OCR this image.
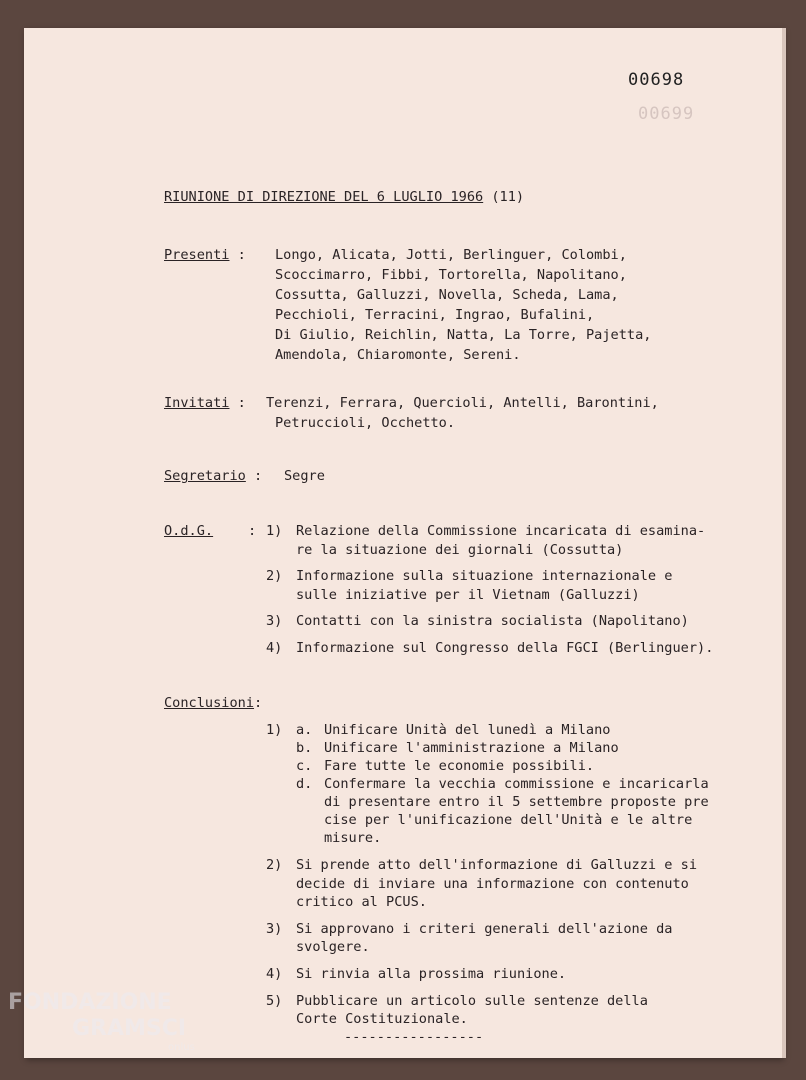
00699
00698
RIUNIONE DI DIREZIONE DEL 6 LUGLIO 1966 (11)
Presenti : Longo, Alicata, Jotti, Berlinguer, Colombi,
Scoccimarro, Fibbi, Tortorella, Napolitano,
Cossutta, Galluzzi, Novella, Scheda, Lama,
Pecchioli, Terracini, Ingrao, Bufalini,
Di Giulio, Reichlin, Natta, La Torre, Pajetta,
Amendola, Chiaromonte, Sereni.
Invitati : Terenzi, Ferrara, Quercioli, Antelli, Barontini,
Petruccioli, Occhetto.
Segretario : Segre
O.d.G.	: 1) Relazione della Commissione incaricata di esamina-
re la situazione dei giornali (Cossutta)
2) Informazione sulla situazione internazionale e
sulle iniziative per il Vietnam (Galluzzi)
3) Contatti con la sinistra socialista (Napolitano)
4) Informazione sul Congresso della FGCI (Berlinguer).
Conclusioni:
1) a. Unificare Unità del lunedì a Milano
b. Unificare l'amministrazione a Milano
c. Fare tutte le economie possibili.
d. Confermare la vecchia commissione e incaricarla
di presentare entro il 5 settembre proposte pre
cise per l'unificazione dell'Unità e le altre
misure.
2) Si prende atto dell'informazione di Galluzzi e si
decide di inviare una informazione con contenuto
critico al PCUS.
3) Si approvano i criteri generali dell'azione da
svolgere.
4) Si rinvia alla prossima riunione.
5) Pubblicare un articolo sulle sentenze della
Corte Costituzionale.
-----------------
FONDAZIONE
GRAMSCI
onlus
